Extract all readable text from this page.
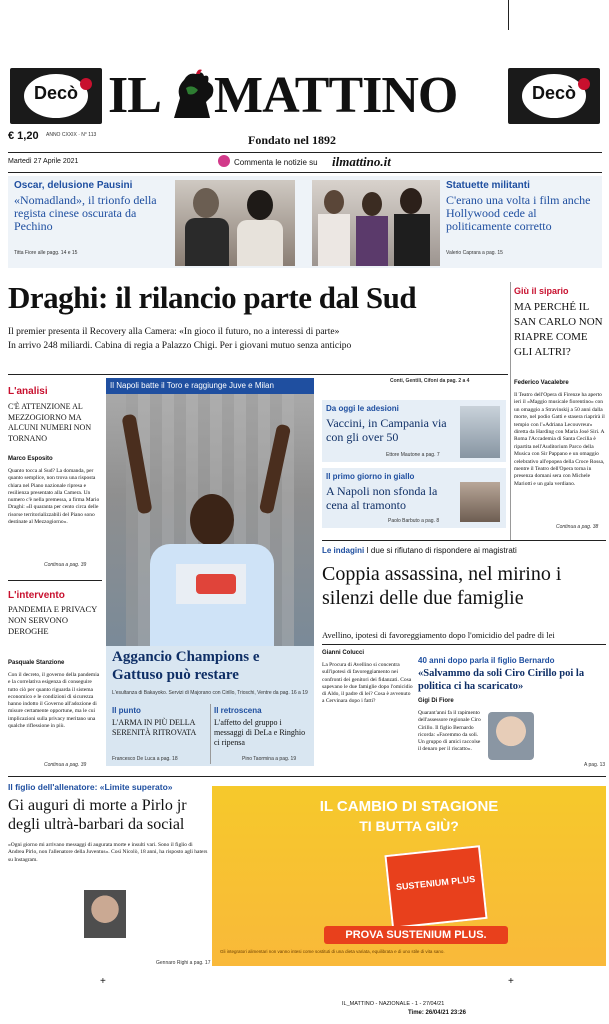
Decò	Decò
IL MATTINO
€ 1,20 ANNO CXXIX · N° 113	Fondato nel 1892
Martedì 27 Aprile 2021	Commenta le notizie su ilmattino.it
Oscar, delusione Pausini
«Nomadland», il trionfo della regista cinese oscurata da Pechino
Titta Fiore alle pagg. 14 e 15
Statuette militanti
C'erano una volta i film anche Hollywood cede al politicamente corretto
Valerio Caprara a pag. 15
Draghi: il rilancio parte dal Sud
Il premier presenta il Recovery alla Camera: «In gioco il futuro, no a interessi di parte»
In arrivo 248 miliardi. Cabina di regia a Palazzo Chigi. Per i giovani mutuo senza anticipo
Conti, Gentili, Cifoni da pag. 2 a 4
Giù il sipario
MA PERCHÉ IL SAN CARLO NON RIAPRE COME GLI ALTRI?
Federico Vacalebre
Il Teatro dell'Opera di Firenze ha aperto ieri il «Maggio musicale fiorentino» con un omaggio a Stravinskij a 50 anni dalla morte, nel podio Gatti e stasera riaprirà il tempio con l'«Adriana Lecouvreur» diretta da Harding con Maria José Siri. A Roma l'Accademia di Santa Cecilia è ripartita nell'Auditorium Parco della Musica con Sir Pappano e un omaggio celebrativo all'epopea della Croce Rossa, mentre il Teatro dell'Opera torna in presenza domani sera con Michele Mariotti e un gala verdiano.
Continua a pag. 38
L'analisi
C'È ATTENZIONE AL MEZZOGIORNO MA ALCUNI NUMERI NON TORNANO
Marco Esposito
Quanto tocca al Sud? La domanda, per quanto semplice, non trova una risposta chiara nel Piano nazionale ripresa e resilienza presentato alla Camera. Un numero c'è nella premessa, a firma Mario Draghi: «Il quaranta per cento circa delle risorse territorializzabili del Piano sono destinate al Mezzogiorno».
Continua a pag. 39
L'intervento
PANDEMIA E PRIVACY NON SERVONO DEROGHE
Pasquale Stanzione
Con il decreto, il governo della pandemia e la correlativa esigenza di conseguire tutto ciò per quanto riguarda il sistema economico e le condizioni di sicurezza hanno indotto il Governo all'adozione di misure certamente opportune, ma le cui implicazioni sulla privacy meritano una qualche riflessione in più.
Continua a pag. 39
Il Napoli batte il Toro e raggiunge Juve e Milan
Aggancio Champions e Gattuso può restare
L'esultanza di Bakayoko. Servizi di Majorano con Cirillo, Trioschi, Ventre da pag. 16 a 19
Il punto
L'ARMA IN PIÙ DELLA SERENITÀ RITROVATA
Francesco De Luca a pag. 18
Il retroscena
L'affetto del gruppo i messaggi di DeLa e Ringhio ci ripensa
Pino Taormina a pag. 19
Da oggi le adesioni
Vaccini, in Campania via con gli over 50
Ettore Mautone a pag. 7
Il primo giorno in giallo
A Napoli non sfonda la cena al tramonto
Paolo Barbuto a pag. 8
Le indagini I due si rifiutano di rispondere ai magistrati
Coppia assassina, nel mirino i silenzi delle due famiglie
Avellino, ipotesi di favoreggiamento dopo l'omicidio del padre di lei
Gianni Colucci
La Procura di Avellino si concentra sull'ipotesi di favoreggiamento nei confronti dei genitori dei fidanzati. Cosa sapevano le due famiglie dopo l'omicidio di Aldo, il padre di lei? Cosa è avvenuto a Cervinara dopo i fatti?
40 anni dopo parla il figlio Bernardo
«Salvammo da soli Ciro Cirillo poi la politica ci ha scaricato»
Gigi Di Fiore
Quarant'anni fa il rapimento dell'assessore regionale Ciro Cirillo. Il figlio Bernardo ricorda: «Facemmo da soli. Un gruppo di amici raccolse il denaro per il riscatto».
A pag. 13
Il figlio dell'allenatore: «Limite superato»
Gi auguri di morte a Pirlo jr degli ultrà-barbari da social
«Ogni giorno mi arrivano messaggi di augurata morte e insulti vari. Sono il figlio di Andrea Pirlo, non l'allenatore della Juventus». Così Nicolò, 18 anni, ha risposto agli haters su Instagram.
Gennaro Righi a pag. 17
IL CAMBIO DI STAGIONE
TI BUTTA GIÙ?
SUSTENIUM PLUS
PROVA SUSTENIUM PLUS.
Gli integratori alimentari non vanno intesi come sostituti di una dieta variata, equilibrata e di uno stile di vita sano.
IL_MATTINO - NAZIONALE - 1 - 27/04/21
Time: 26/04/21 23:26
+	+
